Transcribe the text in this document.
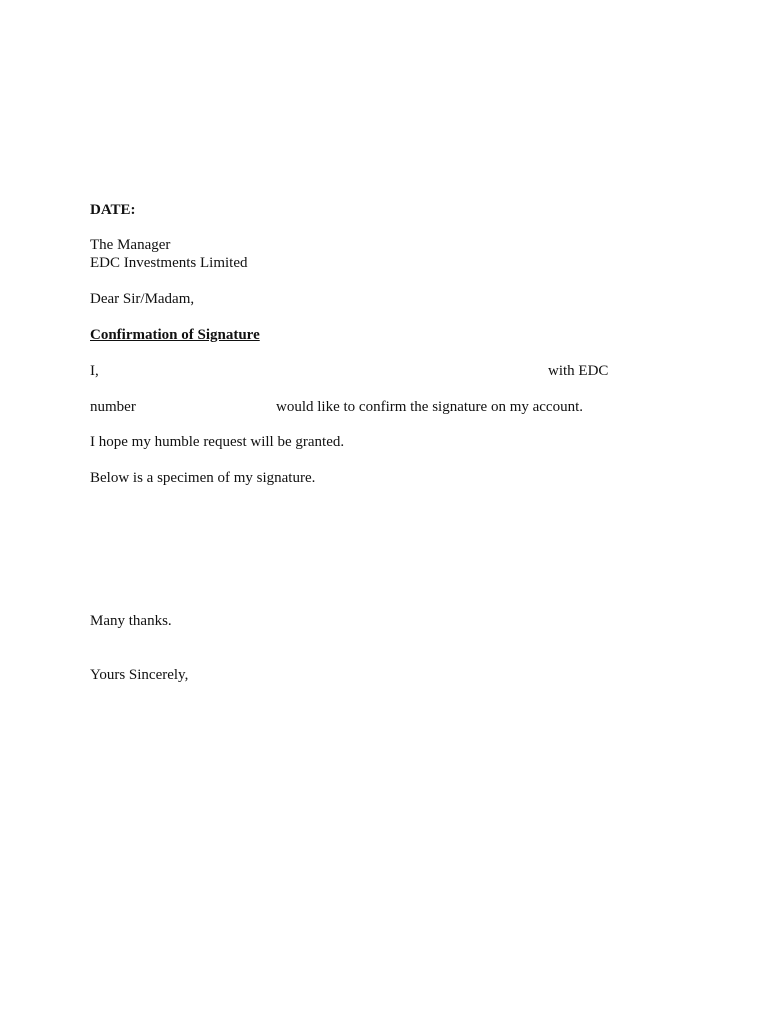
DATE:
The Manager
EDC Investments Limited
Dear Sir/Madam,
Confirmation of Signature
I,	with EDC
number	would like to confirm the signature on my account.
I hope my humble request will be granted.
Below is a specimen of my signature.
Many thanks.
Yours Sincerely,
